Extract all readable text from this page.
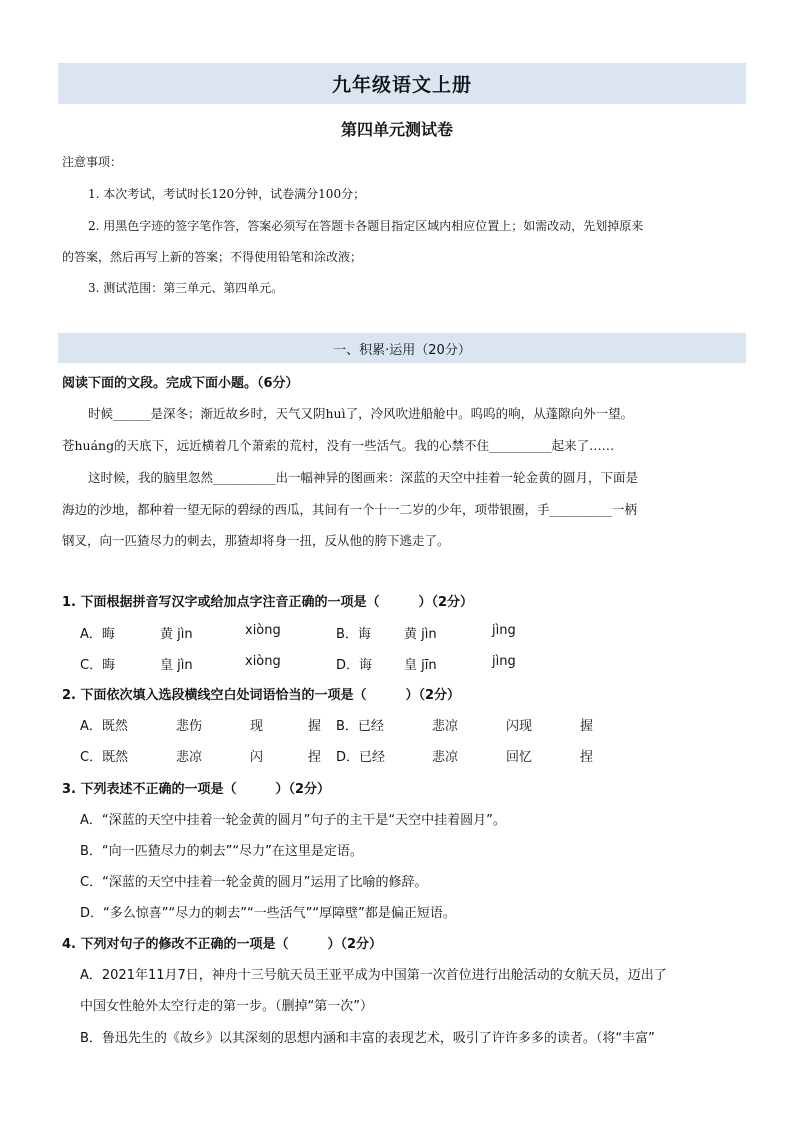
九年级语文上册
第四单元测试卷
注意事项：
1. 本次考试，考试时长120分钟，试卷满分100分；
2. 用黑色字迹的签字笔作答，答案必须写在答题卡各题目指定区域内相应位置上；如需改动，先划掉原来
的答案，然后再写上新的答案；不得使用铅笔和涂改液；
3. 测试范围：第三单元、第四单元。
一、积累·运用（20分）
阅读下面的文段。完成下面小题。（6分）
时候______是深冬；渐近故乡时，天气又阴huì了，冷风吹进船舱中。呜呜的响，从蓬隙向外一望。
苍huáng的天底下，远近横着几个萧索的荒村，没有一些活气。我的心禁不住__________起来了……
这时候，我的脑里忽然__________出一幅神异的图画来：深蓝的天空中挂着一轮金黄的圆月，下面是
海边的沙地，都种着一望无际的碧绿的西瓜，其间有一个十一二岁的少年，项带银圈，手__________一柄
钢叉，向一匹猹尽力的刺去，那猹却将身一扭，反从他的胯下逃走了。
1. 下面根据拼音写汉字或给加点字注音正确的一项是（　　　）（2分）
A．晦	黄 jìn	xiòng	B．诲	黄 jìn	jìng
C．晦	皇 jìn	xiòng	D．诲 皇 jīn	jìng
2. 下面依次填入选段横线空白处词语恰当的一项是（　　　）（2分）
A．既然	悲伤	现	握 B．已经	悲凉	闪现	握
C．既然	悲凉	闪	捏 D．已经	悲凉	回忆	捏
3. 下列表述不正确的一项是（　　　）（2分）
A．“深蓝的天空中挂着一轮金黄的圆月”句子的主干是“天空中挂着圆月”。
B．“向一匹猹尽力的刺去”“尽力”在这里是定语。
C．“深蓝的天空中挂着一轮金黄的圆月”运用了比喻的修辞。
D．“多么惊喜”“尽力的刺去”“一些活气”“厚障壁”都是偏正短语。
4. 下列对句子的修改不正确的一项是（　　　）（2分）
A．2021年11月7日，神舟十三号航天员王亚平成为中国第一次首位进行出舱活动的女航天员，迈出了
中国女性舱外太空行走的第一步。（删掉“第一次”）
B．鲁迅先生的《故乡》以其深刻的思想内涵和丰富的表现艺术，吸引了许许多多的读者。（将“丰富”
